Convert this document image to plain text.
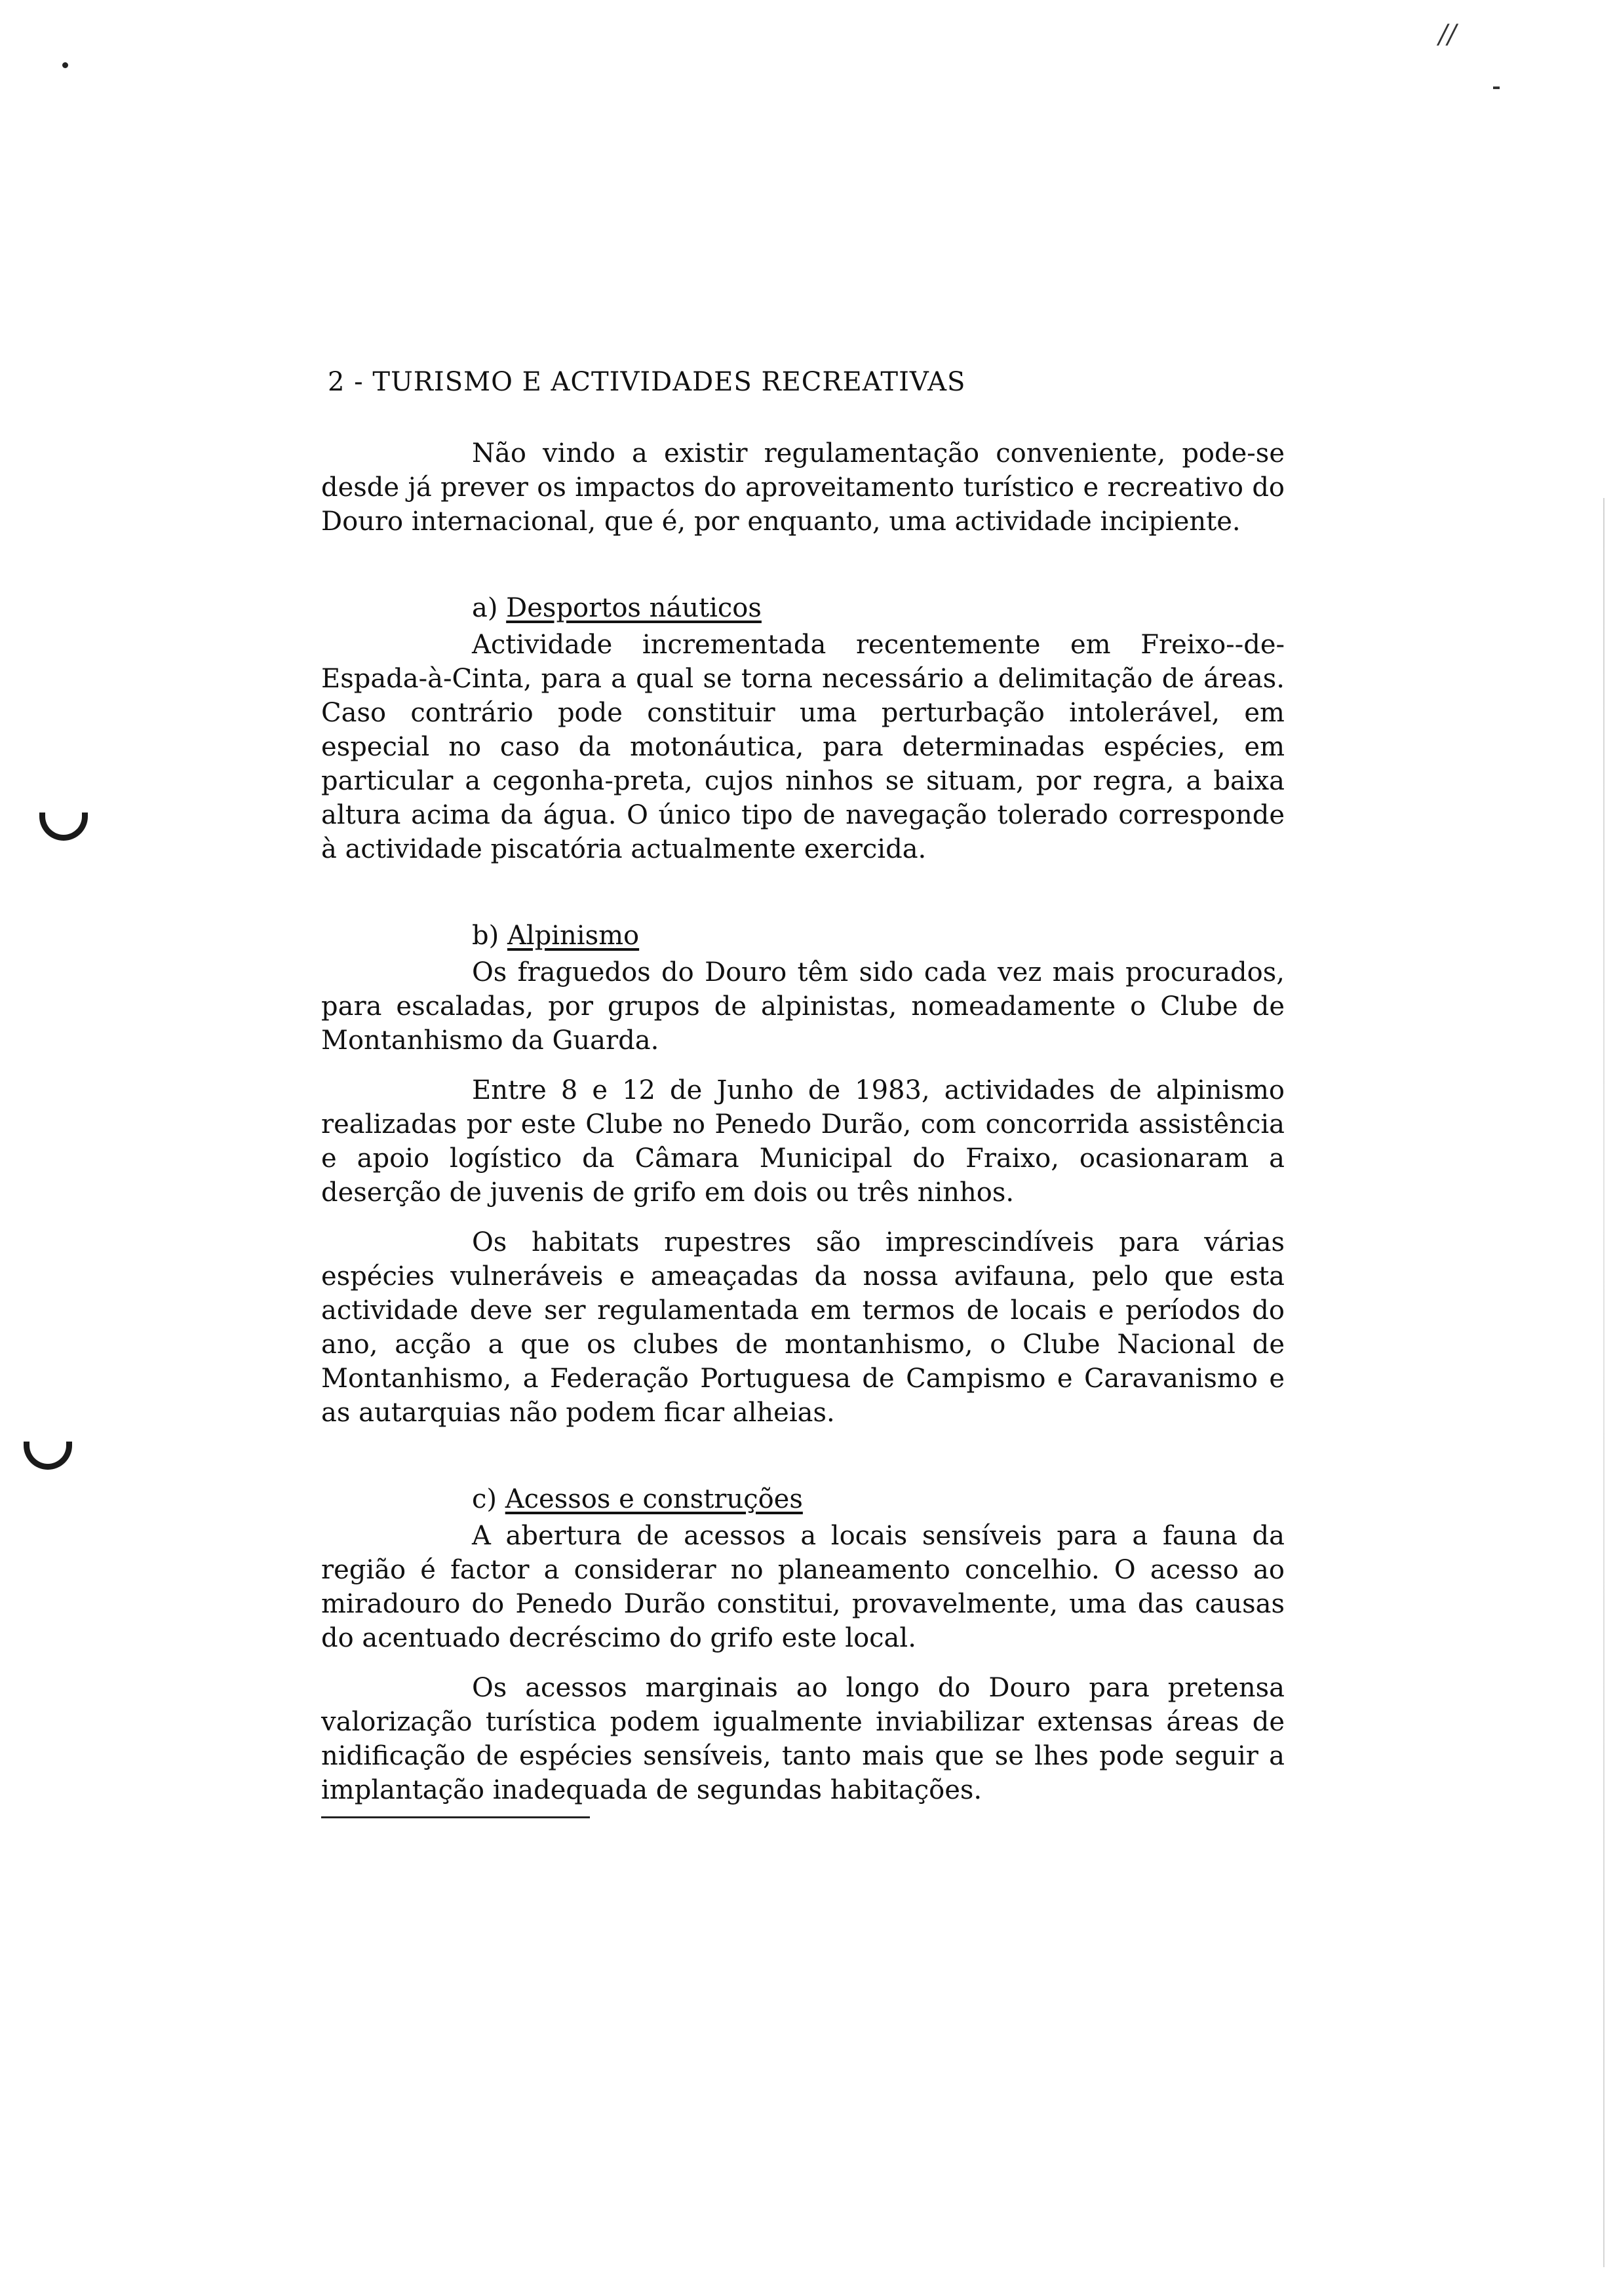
//
2 - TURISMO E ACTIVIDADES RECREATIVAS

Não vindo a existir regulamentação conveniente, pode-se desde já prever os impactos do aproveitamento turístico e recreativo do Douro internacional, que é, por enquanto, uma actividade incipiente.

a) Desportos náuticos

Actividade incrementada recentemente em Freixo--de-Espada-à-Cinta, para a qual se torna necessário a delimitação de áreas. Caso contrário pode constituir uma perturbação intolerável, em especial no caso da motonáutica, para determinadas espécies, em particular a cegonha-preta, cujos ninhos se situam, por regra, a baixa altura acima da água. O único tipo de navegação tolerado corresponde à actividade piscatória actualmente exercida.

b) Alpinismo

Os fraguedos do Douro têm sido cada vez mais procurados, para escaladas, por grupos de alpinistas, nomeadamente o Clube de Montanhismo da Guarda.

Entre 8 e 12 de Junho de 1983, actividades de alpinismo realizadas por este Clube no Penedo Durão, com concorrida assistência e apoio logístico da Câmara Municipal do Fraixo, ocasionaram a deserção de juvenis de grifo em dois ou três ninhos.

Os habitats rupestres são imprescindíveis para várias espécies vulneráveis e ameaçadas da nossa avifauna, pelo que esta actividade deve ser regulamentada em termos de locais e períodos do ano, acção a que os clubes de montanhismo, o Clube Nacional de Montanhismo, a Federação Portuguesa de Campismo e Caravanismo e as autarquias não podem ficar alheias.

c) Acessos e construções

A abertura de acessos a locais sensíveis para a fauna da região é factor a considerar no planeamento concelhio. O acesso ao miradouro do Penedo Durão constitui, provavelmente, uma das causas do acentuado decréscimo do grifo este local.

Os acessos marginais ao longo do Douro para pretensa valorização turística podem igualmente inviabilizar extensas áreas de nidificação de espécies sensíveis, tanto mais que se lhes pode seguir a implantação inadequada de segundas habitações.
